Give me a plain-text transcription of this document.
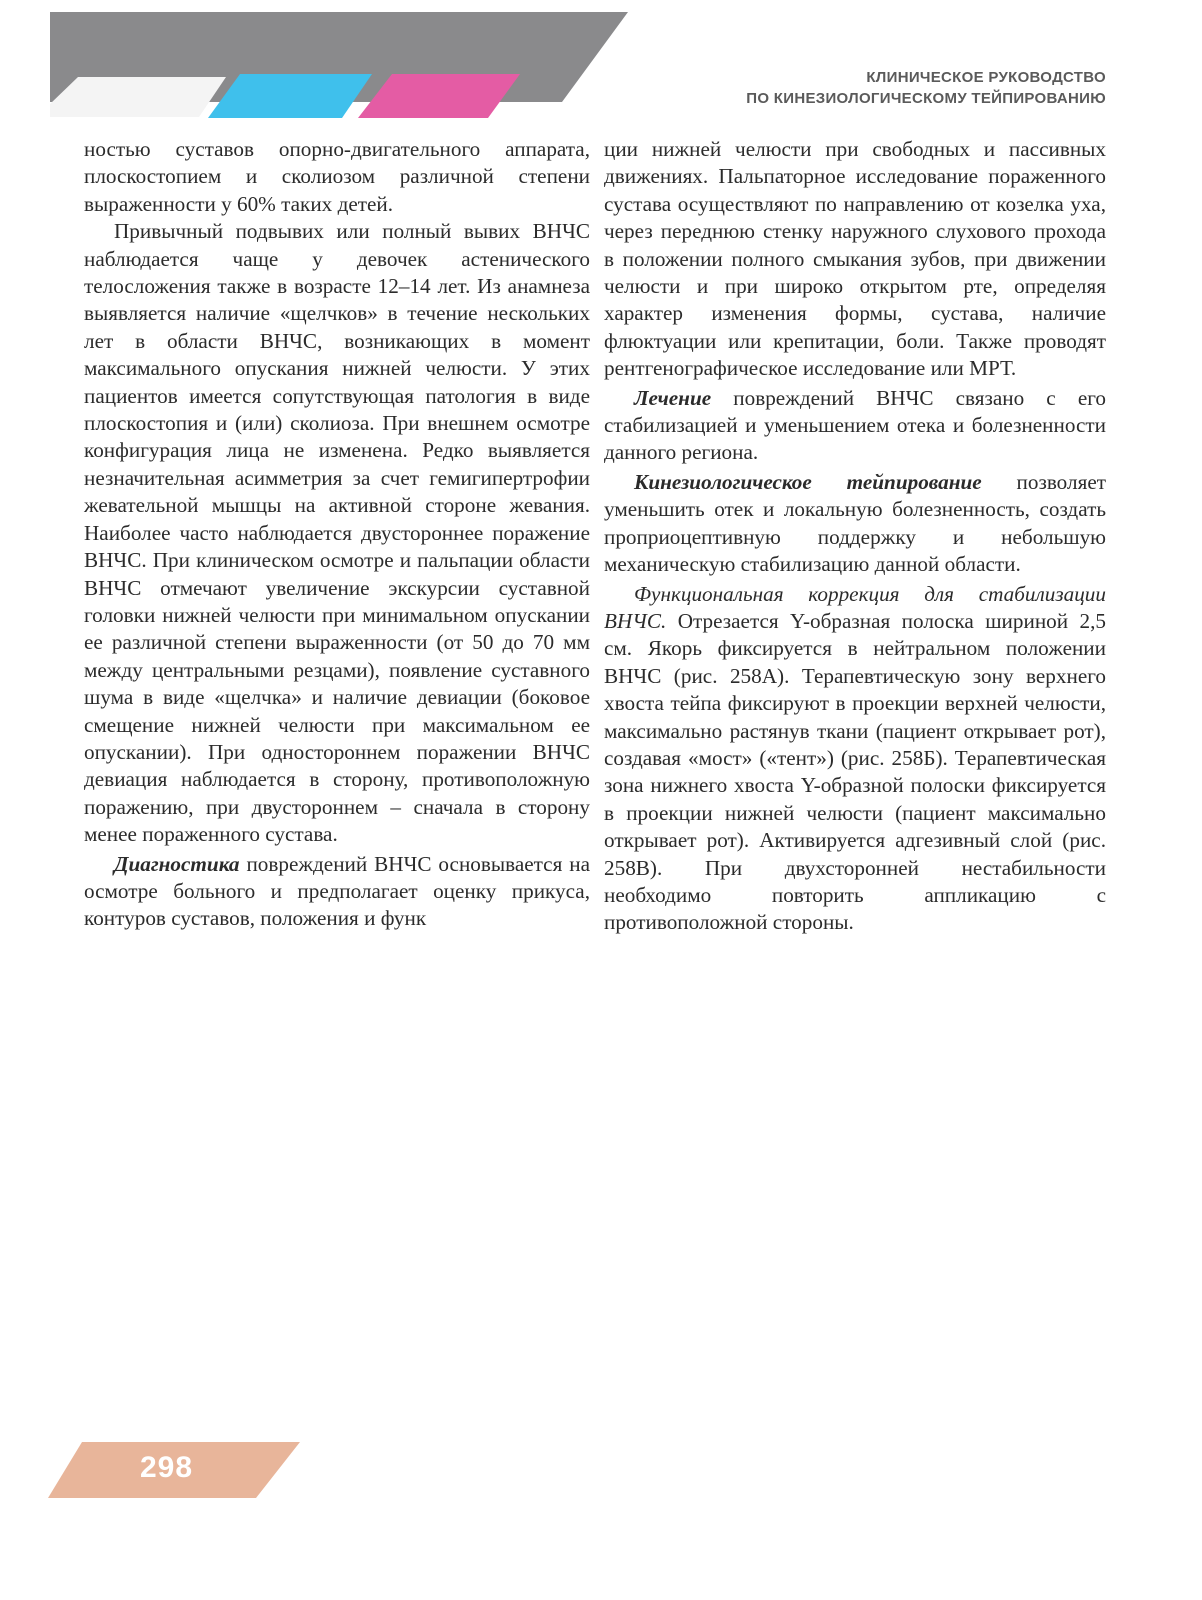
КЛИНИЧЕСКОЕ РУКОВОДСТВО
ПО КИНЕЗИОЛОГИЧЕСКОМУ ТЕЙПИРОВАНИЮ

ностью суставов опорно-двигательного аппарата, плоскостопием и сколиозом различной степени выраженности у 60% таких детей.

Привычный подвывих или полный вывих ВНЧС наблюдается чаще у девочек астенического телосложения также в возрасте 12–14 лет. Из анамнеза выявляется наличие «щелчков» в течение нескольких лет в области ВНЧС, возникающих в момент максимального опускания нижней челюсти. У этих пациентов имеется сопутствующая патология в виде плоскостопия и (или) сколиоза. При внешнем осмотре конфигурация лица не изменена. Редко выявляется незначительная асимметрия за счет гемигипертрофии жевательной мышцы на активной стороне жевания. Наиболее часто наблюдается двустороннее поражение ВНЧС. При клиническом осмотре и пальпации области ВНЧС отмечают увеличение экскурсии суставной головки нижней челюсти при минимальном опускании ее различной степени выраженности (от 50 до 70 мм между центральными резцами), появление суставного шума в виде «щелчка» и наличие девиации (боковое смещение нижней челюсти при максимальном ее опускании). При одностороннем поражении ВНЧС девиация наблюдается в сторону, противоположную поражению, при двустороннем – сначала в сторону менее пораженного сустава.

Диагностика повреждений ВНЧС основывается на осмотре больного и предполагает оценку прикуса, контуров суставов, положения и функ

ции нижней челюсти при свободных и пассивных движениях. Пальпаторное исследование пораженного сустава осуществляют по направлению от козелка уха, через переднюю стенку наружного слухового прохода в положении полного смыкания зубов, при движении челюсти и при широко открытом рте, определяя характер изменения формы, сустава, наличие флюктуации или крепитации, боли. Также проводят рентгенографическое исследование или МРТ.

Лечение повреждений ВНЧС связано с его стабилизацией и уменьшением отека и болезненности данного региона.

Кинезиологическое тейпирование позволяет уменьшить отек и локальную болезненность, создать проприоцептивную поддержку и небольшую механическую стабилизацию данной области.

Функциональная коррекция для стабилизации ВНЧС. Отрезается Y-образная полоска шириной 2,5 см. Якорь фиксируется в нейтральном положении ВНЧС (рис. 258А). Терапевтическую зону верхнего хвоста тейпа фиксируют в проекции верхней челюсти, максимально растянув ткани (пациент открывает рот), создавая «мост» («тент») (рис. 258Б). Терапевтическая зона нижнего хвоста Y-образной полоски фиксируется в проекции нижней челюсти (пациент максимально открывает рот). Активируется адгезивный слой (рис. 258В). При двухсторонней нестабильности необходимо повторить аппликацию с противоположной стороны.

298
